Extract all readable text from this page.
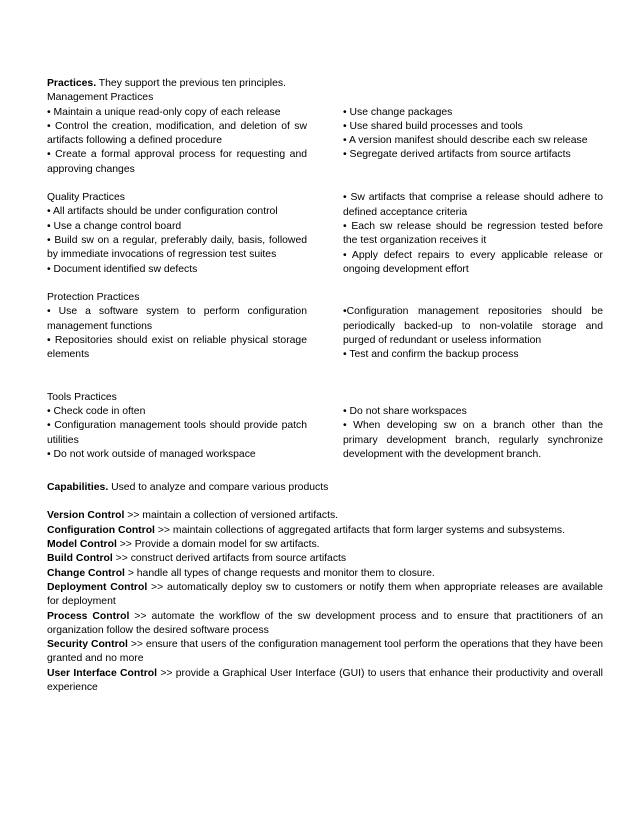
Practices. They support the previous ten principles.

Management Practices

• Maintain a unique read-only copy of each release

• Control the creation, modification, and deletion of sw artifacts following a defined procedure

• Create a formal approval process for requesting and approving changes

• Use change packages

• Use shared build processes and tools

• A version manifest should describe each sw release

• Segregate derived artifacts from source artifacts

Quality Practices

• All artifacts should be under configuration control

• Use a change control board

• Build sw on a regular, preferably daily, basis, followed by immediate invocations of regression test suites

• Document identified sw defects

• Sw artifacts that comprise a release should adhere to defined acceptance criteria

• Each sw release should be regression tested before the test organization receives it

• Apply defect repairs to every applicable release or ongoing development effort

Protection Practices

• Use a software system to perform configuration management functions

• Repositories should exist on reliable physical storage elements

•Configuration management repositories should be periodically backed-up to non-volatile storage and purged of redundant or useless information

• Test and confirm the backup process

Tools Practices

• Check code in often

• Configuration management tools should provide patch utilities

• Do not work outside of managed workspace

• Do not share workspaces

• When developing sw on a branch other than the primary development branch, regularly synchronize development with the development branch.

Capabilities. Used to analyze and compare various products

Version Control >> maintain a collection of versioned artifacts.

Configuration Control >> maintain collections of aggregated artifacts that form larger systems and subsystems.

Model Control >> Provide a domain model for sw artifacts.

Build Control >> construct derived artifacts from source artifacts

Change Control > handle all types of change requests and monitor them to closure.

Deployment Control >> automatically deploy sw to customers or notify them when appropriate releases are available for deployment

Process Control >> automate the workflow of the sw development process and to ensure that practitioners of an organization follow the desired software process

Security Control >> ensure that users of the configuration management tool perform the operations that they have been granted and no more

User Interface Control >> provide a Graphical User Interface (GUI) to users that enhance their productivity and overall experience
